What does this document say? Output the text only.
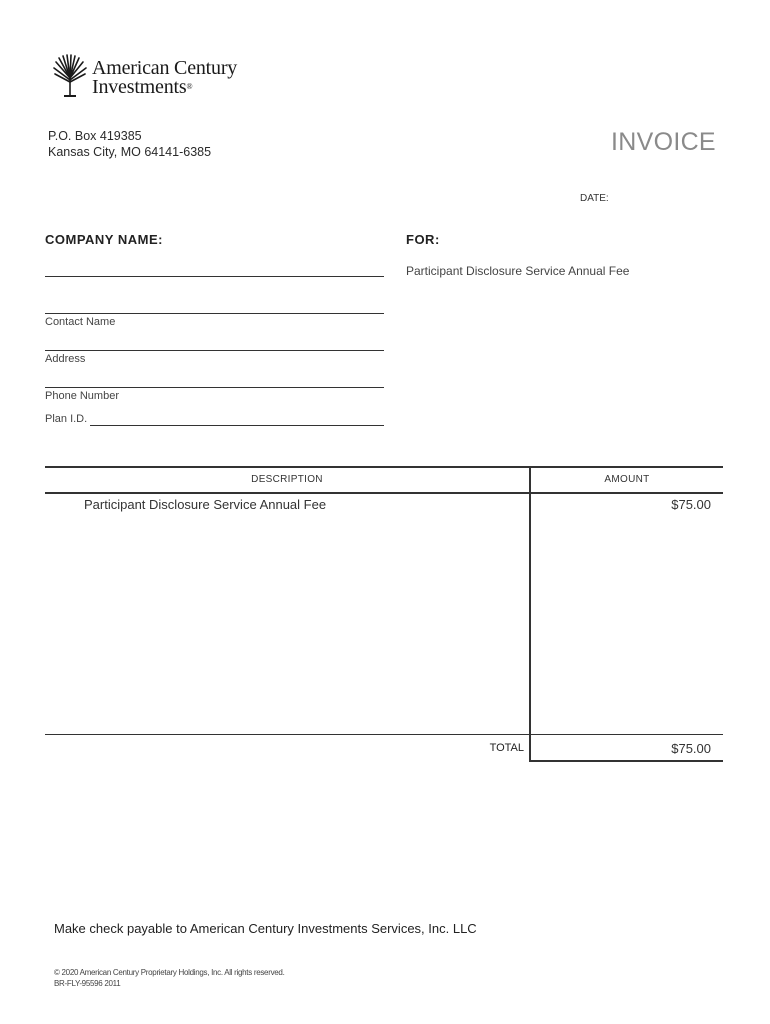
American Century
Investments®
P.O. Box 419385
Kansas City, MO 64141-6385	INVOICE
DATE:
COMPANY NAME:	FOR:
Participant Disclosure Service Annual Fee
Contact Name
Address
Phone Number
Plan I.D.
DESCRIPTION	AMOUNT
Participant Disclosure Service Annual Fee	$75.00
TOTAL	$75.00
Make check payable to American Century Investments Services, Inc. LLC
© 2020 American Century Proprietary Holdings, Inc. All rights reserved.
BR-FLY-95596 2011
